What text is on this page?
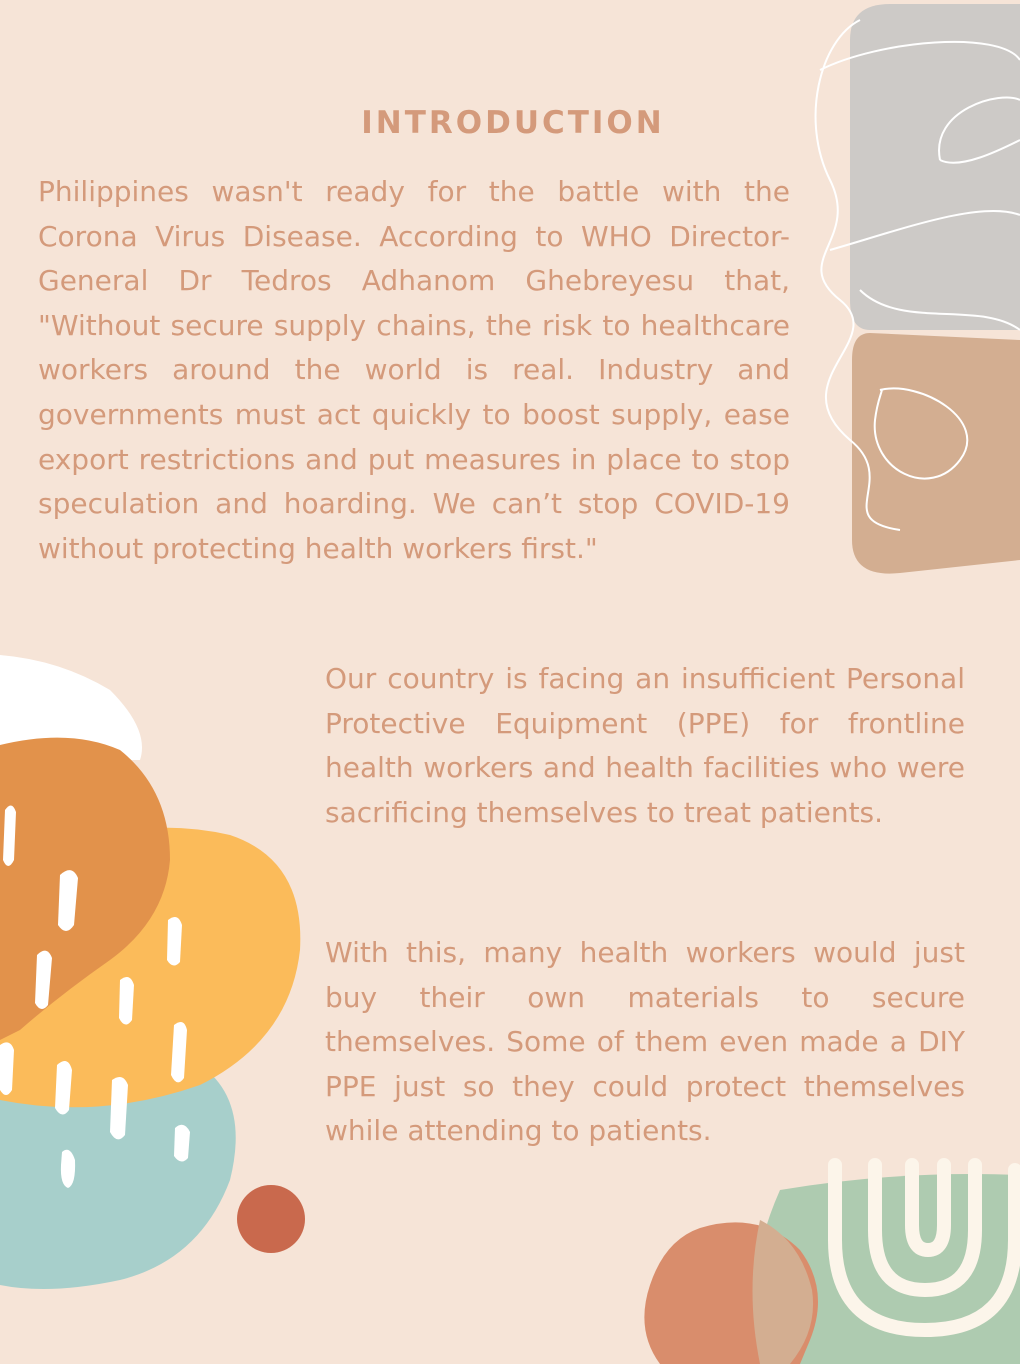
INTRODUCTION

Philippines wasn't ready for the battle with the Corona Virus Disease. According to WHO Director-General Dr Tedros Adhanom Ghebreyesu that, "Without secure supply chains, the risk to healthcare workers around the world is real. Industry and governments must act quickly to boost supply, ease export restrictions and put measures in place to stop speculation and hoarding. We can’t stop COVID-19 without protecting health workers first."

Our country is facing an insufficient Personal Protective Equipment (PPE) for frontline health workers and health facilities who were sacrificing themselves to treat patients.

With this, many health workers would just buy their own materials to secure themselves. Some of them even made a DIY PPE just so they could protect themselves while attending to patients.
